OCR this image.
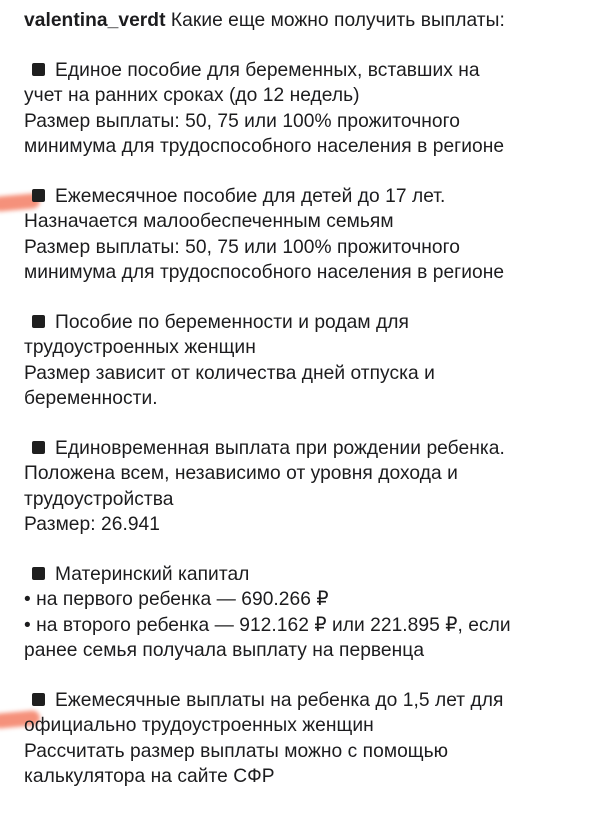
valentina_verdt Какие еще можно получить выплаты:
Единое пособие для беременных, вставших на
учет на ранних сроках (до 12 недель)
Размер выплаты: 50, 75 или 100% прожиточного
минимума для трудоспособного населения в регионе
Ежемесячное пособие для детей до 17 лет.
Назначается малообеспеченным семьям
Размер выплаты: 50, 75 или 100% прожиточного
минимума для трудоспособного населения в регионе
Пособие по беременности и родам для
трудоустроенных женщин
Размер зависит от количества дней отпуска и
беременности.
Единовременная выплата при рождении ребенка.
Положена всем, независимо от уровня дохода и
трудоустройства
Размер: 26.941
Материнский капитал
• на первого ребенка — 690.266 ₽
• на второго ребенка — 912.162 ₽ или 221.895 ₽, если
ранее семья получала выплату на первенца
Ежемесячные выплаты на ребенка до 1,5 лет для
официально трудоустроенных женщин
Рассчитать размер выплаты можно с помощью
калькулятора на сайте СФР
